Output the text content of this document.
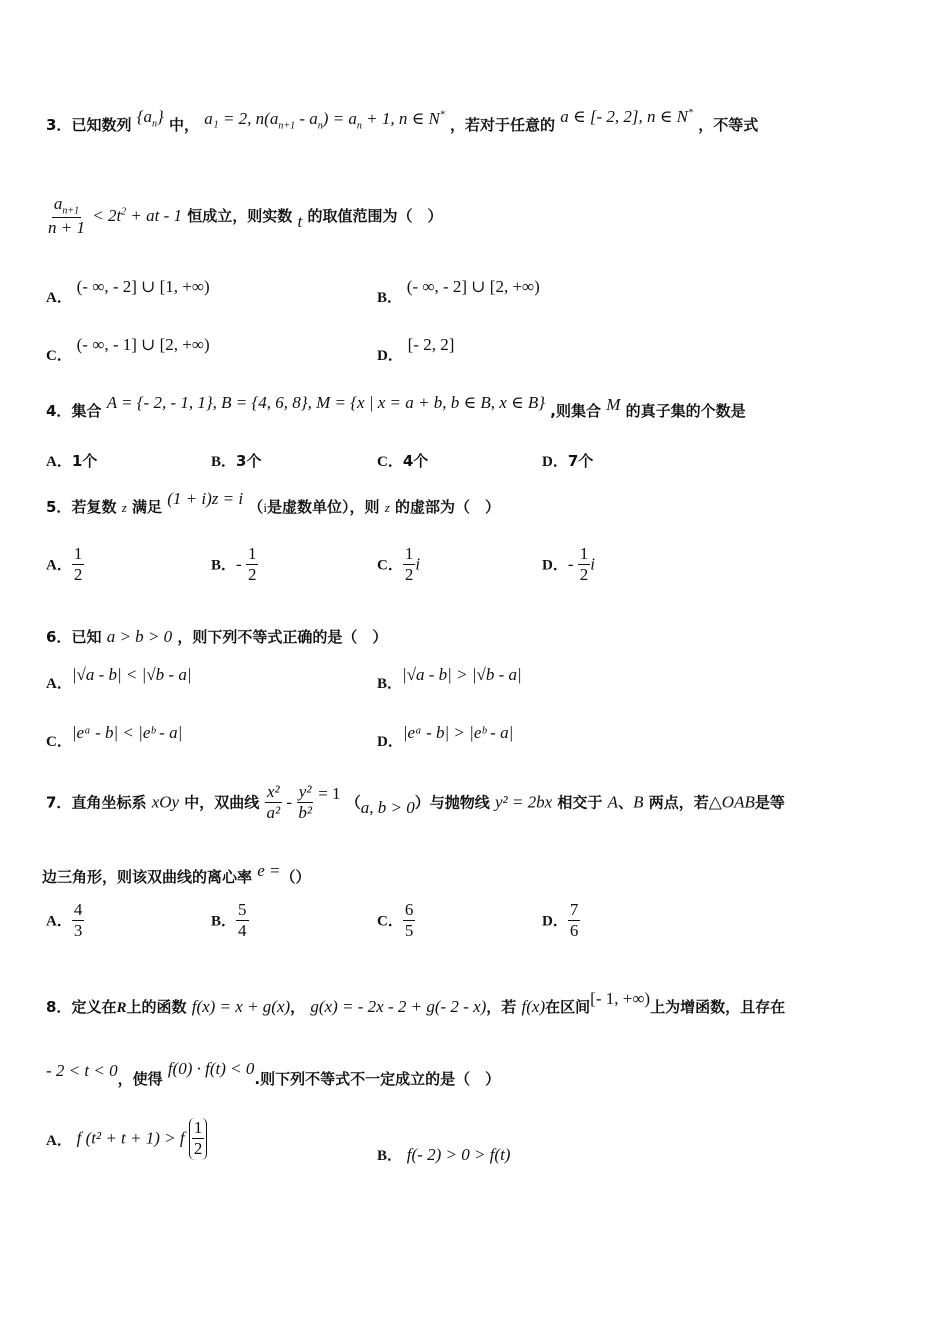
3．已知数列 $\{a_n\}$ 中， a₁ = 2, $n(a_{n+1} - a_n) = a_n + 1$, n ∈ N* ，若对于任意的 a ∈ [- 2, 2], n ∈ N* ，不等式
$\frac{a_{n+1}}{n + 1} < 2t^2$ + at - 1 恒成立，则实数 t 的取值范围为（　）
A． (- ∞, - 2] ∪ [1, +∞)
B． (- ∞, - 2] ∪ [2, +∞)
C． (- ∞, - 1] ∪ [2, +∞)
D． [- 2, 2]
4．集合 A = {- 2, - 1, 1}, B = {4, 6, 8}, M = {x | x = a + b, b ∈ B, x ∈ B} ,则集合 M 的真子集的个数是
A．1个	B．3个	C．4个	D．7个
5．若复数 z 满足 (1 + i)z = i （i是虚数单位），则 z 的虚部为（　）
A． $\frac{1}{2}$	B．- $\frac{1}{2}$	C． $\frac{1}{2}$ i	D．- $\frac{1}{2}$ i
6．已知 a > b > 0 ，则下列不等式正确的是（　）
A．|√a - b| < |√b - a|	B．|√a - b| > |√b - a|
C．|eᵃ - b| < |eᵇ - a|	D．|eᵃ - b| > |eᵇ - a|
7．直角坐标系 xOy 中，双曲线 $\frac{\text{x²}}{\text{a²}} - \frac{\text{y²}}{\text{b²}} = 1$ （a, b > 0）与抛物线 y² = 2bx 相交于 A、B 两点，若△OAB是等
边三角形，则该双曲线的离心率 e =（）
A． $\frac{4}{3}$	B． $\frac{5}{4}$	C． $\frac{6}{5}$	D． $\frac{7}{6}$
8．定义在R上的函数 f(x) = x + g(x)， g(x) = - 2x - 2 + g(- 2 - x)，若 f(x)在区间[- 1, +∞)上为增函数，且存在
- 2 < t < 0，使得 f(0) · f(t) < 0.则下列不等式不一定成立的是（　）
A． f (t² + t + 1) > f $\frac{1}{2}$	B． f(- 2) > 0 > f(t)
